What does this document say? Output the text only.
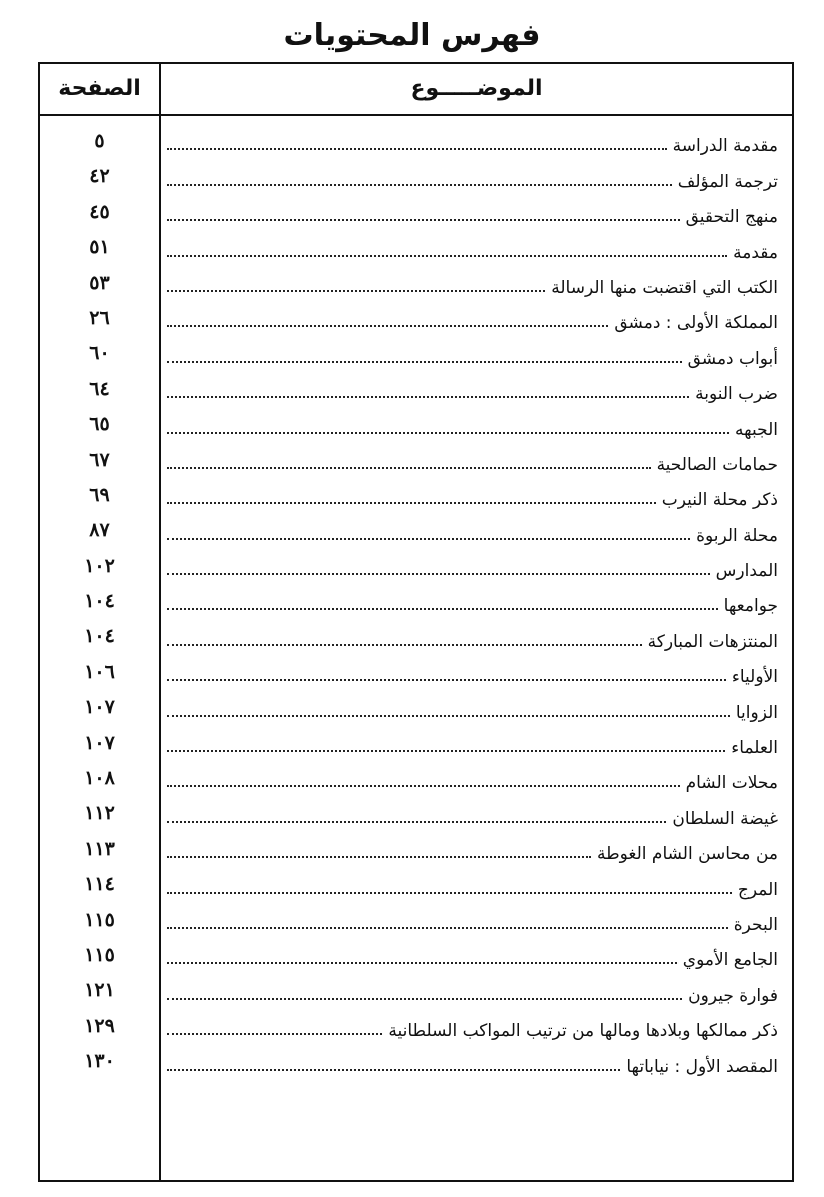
فهرس المحتويات
الصفحة	الموضـــــوع
٥	مقدمة الدراسة
٤٢	ترجمة المؤلف
٤٥	منهج التحقيق
٥١	مقدمة
٥٣	الكتب التي اقتضبت منها الرسالة
٢٦	المملكة الأولى : دمشق
٦٠	أبواب دمشق
٦٤	ضرب النوبة
٦٥	الجبهه
٦٧	حمامات الصالحية
٦٩	ذكر محلة النيرب
٨٧	محلة الربوة
١٠٢	المدارس
١٠٤	جوامعها
١٠٤	المنتزهات المباركة
١٠٦	الأولياء
١٠٧	الزوايا
١٠٧	العلماء
١٠٨	محلات الشام
١١٢	غيضة السلطان
١١٣	من محاسن الشام الغوطة
١١٤	المرج
١١٥	البحرة
١١٥	الجامع الأموي
١٢١	فوارة جيرون
١٢٩	ذكر ممالكها وبلادها ومالها من ترتيب المواكب السلطانية
١٣٠	المقصد الأول : نياباتها
